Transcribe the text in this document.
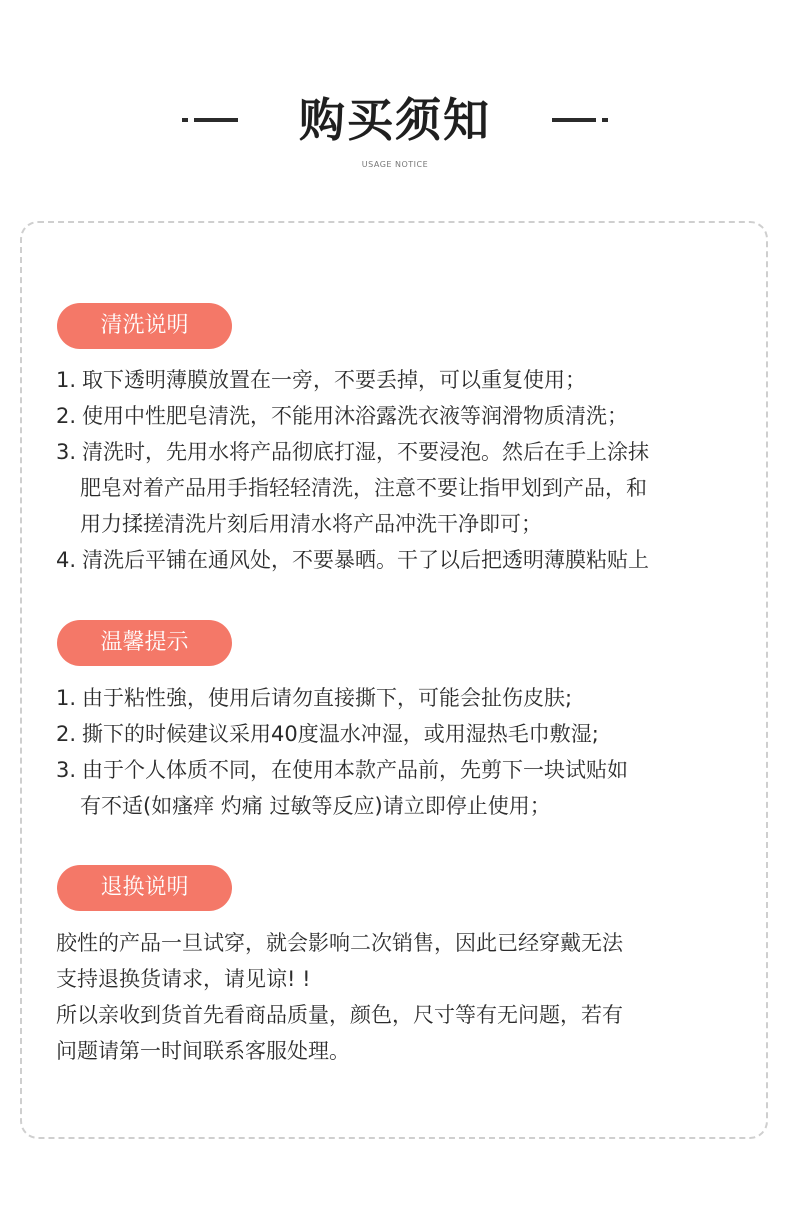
购买须知
USAGE NOTICE
清洗说明
1. 取下透明薄膜放置在一旁，不要丢掉，可以重复使用；
2. 使用中性肥皂清洗，不能用沐浴露洗衣液等润滑物质清洗；
3. 清洗时，先用水将产品彻底打湿，不要浸泡。然后在手上涂抹
肥皂对着产品用手指轻轻清洗，注意不要让指甲划到产品，和
用力揉搓清洗片刻后用清水将产品冲洗干净即可；
4. 清洗后平铺在通风处，不要暴晒。干了以后把透明薄膜粘贴上
温馨提示
1. 由于粘性強，使用后请勿直接撕下，可能会扯伤皮肤;
2. 撕下的时候建议采用40度温水冲湿，或用湿热毛巾敷湿;
3. 由于个人体质不同，在使用本款产品前，先剪下一块试贴如
有不适(如瘙痒 灼痛 过敏等反应)请立即停止使用；
退换说明

胶性的产品一旦试穿，就会影响二次销售，因此已经穿戴无法

支持退换货请求，请见谅! !

所以亲收到货首先看商品质量，颜色，尺寸等有无问题，若有

问题请第一时间联系客服处理。
